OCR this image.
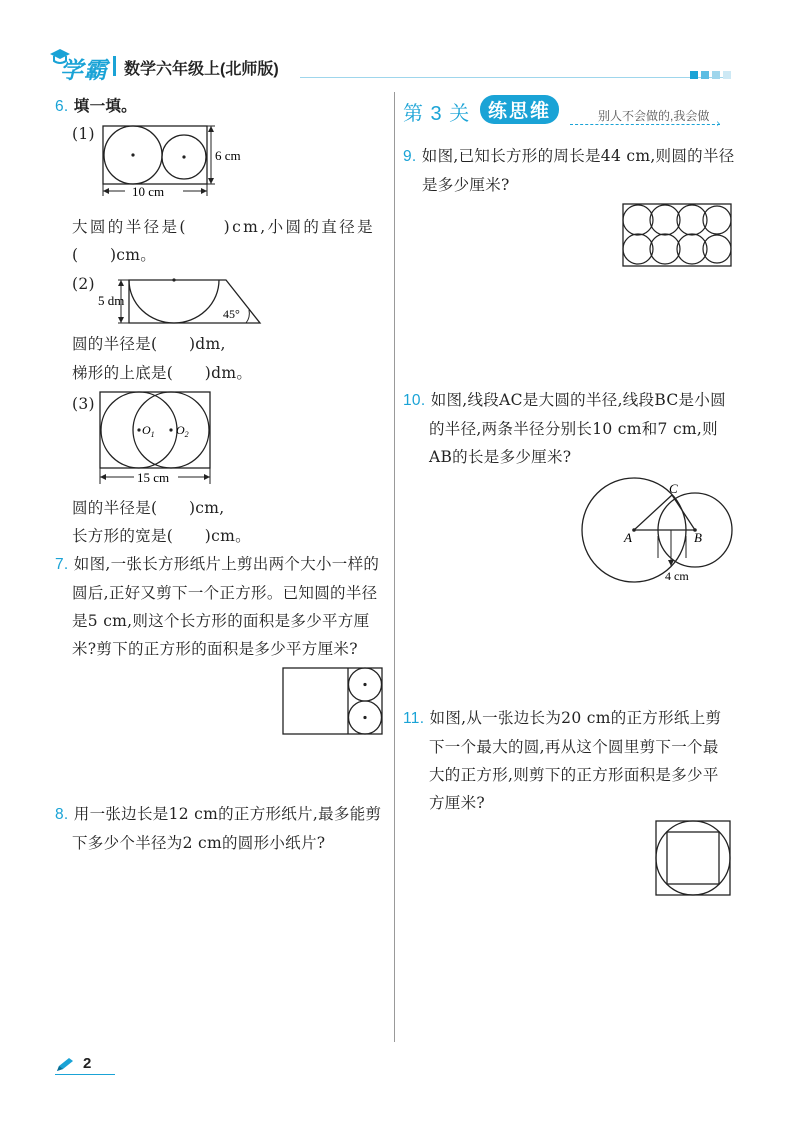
学霸 数学六年级上(北师版)
6. 填一填。
(1)
6 cm
10 cm
大圆的半径是(　　)cm,小圆的直径是
(　　)cm。
(2)
5 dm
45°
圆的半径是(　　)dm,
梯形的上底是(　　)dm。
(3)
$O_1$ $O_2$
15 cm
圆的半径是(　　)cm,
长方形的宽是(　　)cm。
7. 如图,一张长方形纸片上剪出两个大小一样的
圆后,正好又剪下一个正方形。已知圆的半径
是5 cm,则这个长方形的面积是多少平方厘
米?剪下的正方形的面积是多少平方厘米?
8. 用一张边长是12 cm的正方形纸片,最多能剪
下多少个半径为2 cm的圆形小纸片?
第 3 关 练思维	别人不会做的,我会做
›
9. 如图,已知长方形的周长是44 cm,则圆的半径
是多少厘米?
10. 如图,线段AC是大圆的半径,线段BC是小圆
的半径,两条半径分别长10 cm和7 cm,则
AB的长是多少厘米?
A	B
C
4 cm
11. 如图,从一张边长为20 cm的正方形纸上剪
下一个最大的圆,再从这个圆里剪下一个最
大的正方形,则剪下的正方形面积是多少平
方厘米?
2
